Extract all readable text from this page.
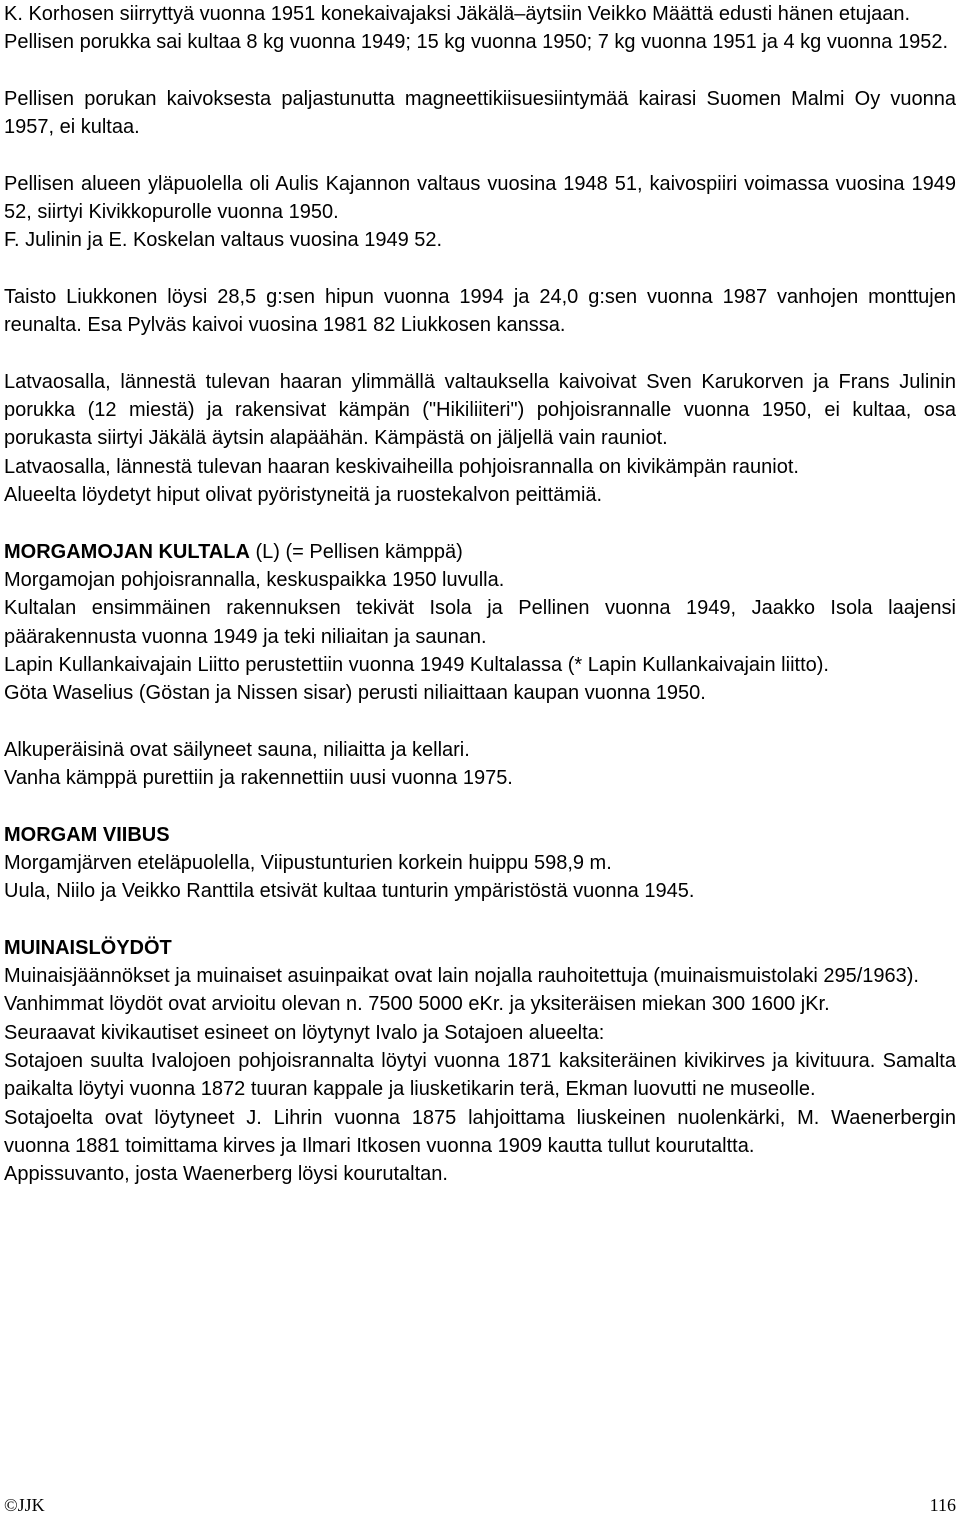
K. Korhosen siirryttyä vuonna 1951 konekaivajaksi Jäkälä–äytsiin Veikko Määttä edusti hänen etujaan.

Pellisen porukka sai kultaa 8 kg vuonna 1949; 15 kg vuonna 1950; 7 kg vuonna 1951 ja 4 kg vuonna 1952.

Pellisen porukan kaivoksesta paljastunutta magneettikiisuesiintymää kairasi Suomen Malmi Oy vuonna 1957, ei kultaa.

Pellisen alueen yläpuolella oli Aulis Kajannon valtaus vuosina 1948 51, kaivospiiri voimassa vuosina 1949 52, siirtyi Kivikkopurolle vuonna 1950.

F. Julinin ja E. Koskelan valtaus vuosina 1949 52.

Taisto Liukkonen löysi 28,5 g:sen hipun vuonna 1994 ja 24,0 g:sen vuonna 1987 vanhojen monttujen reunalta. Esa Pylväs kaivoi vuosina 1981 82 Liukkosen kanssa.

Latvaosalla, lännestä tulevan haaran ylimmällä valtauksella kaivoivat Sven Karukorven ja Frans Julinin porukka (12 miestä) ja rakensivat kämpän ("Hikiliiteri") pohjoisrannalle vuonna 1950, ei kultaa, osa porukasta siirtyi Jäkälä äytsin alapäähän. Kämpästä on jäljellä vain rauniot.

Latvaosalla, lännestä tulevan haaran keskivaiheilla pohjoisrannalla on kivikämpän rauniot.

Alueelta löydetyt hiput olivat pyöristyneitä ja ruostekalvon peittämiä.

MORGAMOJAN KULTALA (L) (= Pellisen kämppä)

Morgamojan pohjoisrannalla, keskuspaikka 1950 luvulla.

Kultalan ensimmäinen rakennuksen tekivät Isola ja Pellinen vuonna 1949, Jaakko Isola laajensi päärakennusta vuonna 1949 ja teki niliaitan ja saunan.

Lapin Kullankaivajain Liitto perustettiin vuonna 1949 Kultalassa (* Lapin Kullankaivajain liitto).

Göta Waselius (Göstan ja Nissen sisar) perusti niliaittaan kaupan vuonna 1950.

Alkuperäisinä ovat säilyneet sauna, niliaitta ja kellari.

Vanha kämppä purettiin ja rakennettiin uusi vuonna 1975.

MORGAM VIIBUS

Morgamjärven eteläpuolella, Viipustunturien korkein huippu 598,9 m.

Uula, Niilo ja Veikko Ranttila etsivät kultaa tunturin ympäristöstä vuonna 1945.

MUINAISLÖYDÖT

Muinaisjäännökset ja muinaiset asuinpaikat ovat lain nojalla rauhoitettuja (muinaismuistolaki 295/1963).

Vanhimmat löydöt ovat arvioitu olevan n. 7500 5000 eKr. ja yksiteräisen miekan 300 1600 jKr.

Seuraavat kivikautiset esineet on löytynyt Ivalo ja Sotajoen alueelta:

Sotajoen suulta Ivalojoen pohjoisrannalta löytyi vuonna 1871 kaksiteräinen kivikirves ja kivituura. Samalta paikalta löytyi vuonna 1872 tuuran kappale ja liusketikarin terä, Ekman luovutti ne museolle.

Sotajoelta ovat löytyneet J. Lihrin vuonna 1875 lahjoittama liuskeinen nuolenkärki, M. Waenerbergin vuonna 1881 toimittama kirves ja Ilmari Itkosen vuonna 1909 kautta tullut kourutaltta.

Appissuvanto, josta Waenerberg löysi kourutaltan.

©JJK	116
